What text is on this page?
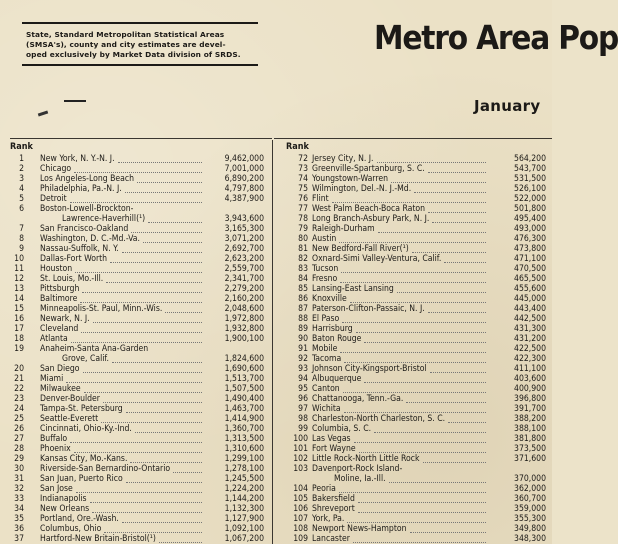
State, Standard Metropolitan Statistical Areas
(SMSA's), county and city estimates are devel-
oped exclusively by Market Data division of SRDS.	Metro Area Pop
January
Rank	Rank
1 New York, N. Y.-N. J.	9,462,000
2 Chicago	7,001,000
3 Los Angeles-Long Beach	6,890,200
4 Philadelphia, Pa.-N. J.	4,797,800
5 Detroit	4,387,900
6 Boston-Lowell-Brockton-
Lawrence-Haverhill(¹)	3,943,600
7 San Francisco-Oakland	3,165,300
8 Washington, D. C.-Md.-Va.	3,071,200
9 Nassau-Suffolk, N. Y.	2,692,700
10 Dallas-Fort Worth	2,623,200
11 Houston	2,559,700
12 St. Louis, Mo.-Ill.	2,341,700
13 Pittsburgh	2,279,200
14 Baltimore	2,160,200
15 Minneapolis-St. Paul, Minn.-Wis.	2,048,600
16 Newark, N. J.	1,972,800
17 Cleveland	1,932,800
18 Atlanta	1,900,100
19 Anaheim-Santa Ana-Garden
Grove, Calif.	1,824,600
20 San Diego	1,690,600
21 Miami	1,513,700
22 Milwaukee	1,507,500
23 Denver-Boulder	1,490,400
24 Tampa-St. Petersburg	1,463,700
25 Seattle-Everett	1,414,900
26 Cincinnati, Ohio-Ky.-Ind.	1,360,700
27 Buffalo	1,313,500
28 Phoenix	1,310,600
29 Kansas City, Mo.-Kans.	1,299,100
30 Riverside-San Bernardino-Ontario	1,278,100
31 San Juan, Puerto Rico	1,245,500
32 San Jose	1,224,200
33 Indianapolis	1,144,200
34 New Orleans	1,132,300
35 Portland, Ore.-Wash.	1,127,900
36 Columbus, Ohio	1,092,100
37 Hartford-New Britain-Bristol(¹)	1,067,200
72 Jersey City, N. J.	564,200
73 Greenville-Spartanburg, S. C.	543,700
74 Youngstown-Warren	531,500
75 Wilmington, Del.-N. J.-Md.	526,100
76 Flint	522,000
77 West Palm Beach-Boca Raton	501,800
78 Long Branch-Asbury Park, N. J.	495,400
79 Raleigh-Durham	493,000
80 Austin	476,300
81 New Bedford-Fall River(¹)	473,800
82 Oxnard-Simi Valley-Ventura, Calif.	471,100
83 Tucson	470,500
84 Fresno	465,500
85 Lansing-East Lansing	455,600
86 Knoxville	445,000
87 Paterson-Clifton-Passaic, N. J.	443,400
88 El Paso	442,500
89 Harrisburg	431,300
90 Baton Rouge	431,200
91 Mobile	422,500
92 Tacoma	422,300
93 Johnson City-Kingsport-Bristol	411,100
94 Albuquerque	403,600
95 Canton	400,900
96 Chattanooga, Tenn.-Ga.	396,800
97 Wichita	391,700
98 Charleston-North Charleston, S. C.	388,200
99 Columbia, S. C.	388,100
100 Las Vegas	381,800
101 Fort Wayne	373,500
102 Little Rock-North Little Rock	371,600
103 Davenport-Rock Island-
Moline, Ia.-Ill.	370,000
104 Peoria	362,000
105 Bakersfield	360,700
106 Shreveport	359,000
107 York, Pa.	355,300
108 Newport News-Hampton	349,800
109 Lancaster	348,300
